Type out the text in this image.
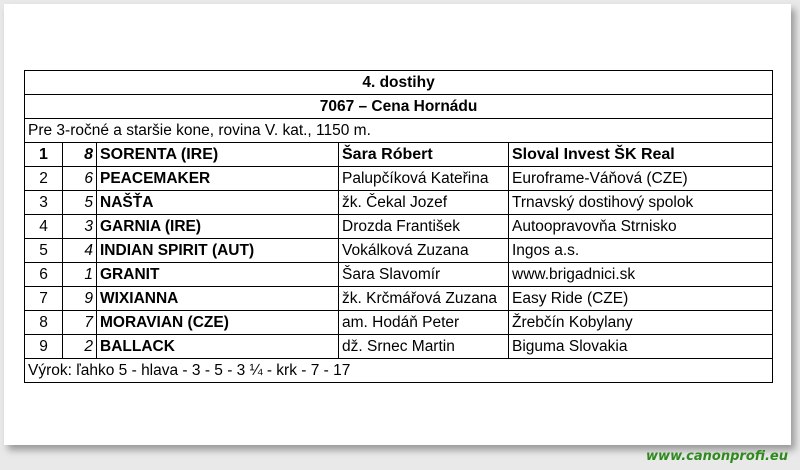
4. dostihy				
7067 – Cena Hornádu				
Pre 3-ročné a staršie kone, rovina V. kat., 1150 m.				
1	8	SORENTA (IRE)	Šara Róbert	Sloval Invest ŠK Real
2	6	PEACEMAKER	Palupčíková Kateřina	Euroframe-Váňová (CZE)
3	5	NAŠŤA	žk. Čekal Jozef	Trnavský dostihový spolok
4	3	GARNIA (IRE)	Drozda František	Autoopravovňa Strnisko
5	4	INDIAN SPIRIT (AUT)	Vokálková Zuzana	Ingos a.s.
6	1	GRANIT	Šara Slavomír	www.brigadnici.sk
7	9	WIXIANNA	žk. Krčmářová Zuzana	Easy Ride (CZE)
8	7	MORAVIAN (CZE)	am. Hodáň Peter	Žrebčín Kobylany
9	2	BALLACK	dž. Srnec Martin	Biguma Slovakia
Výrok: ľahko 5 - hlava - 3 - 5 - 3 ¼ - krk - 7 - 17				
www.canonprofi.eu
